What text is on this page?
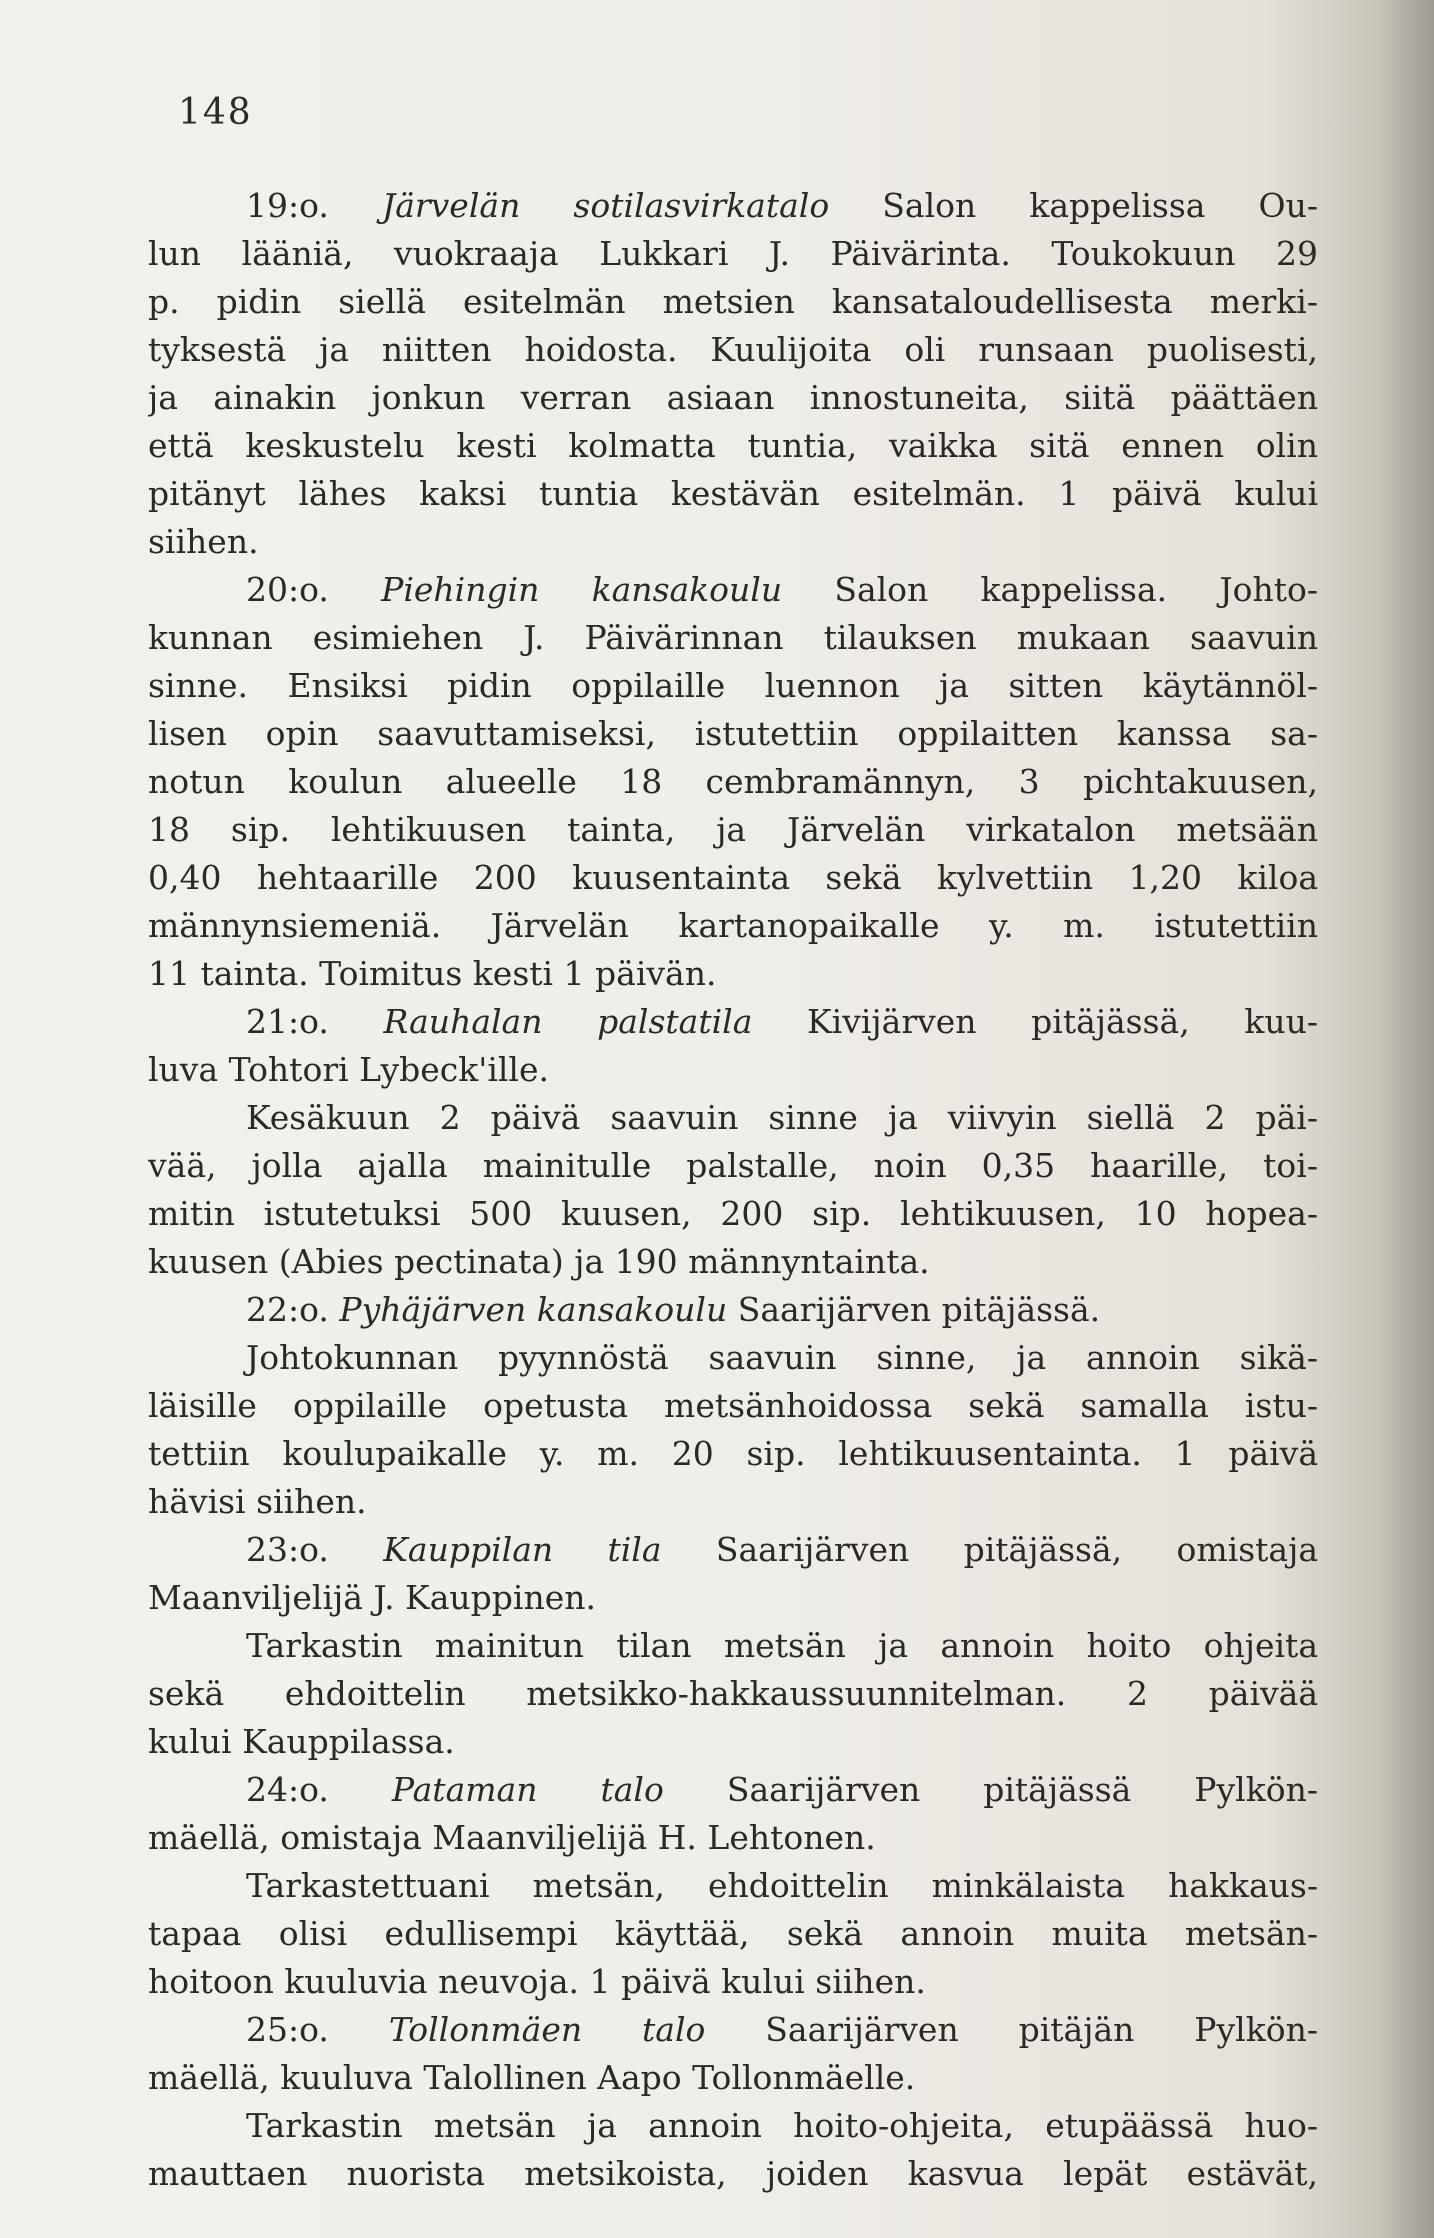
148
19:o. Järvelän sotilasvirkatalo Salon kappelissa Ou-
lun lääniä, vuokraaja Lukkari J. Päivärinta. Toukokuun 29
p. pidin siellä esitelmän metsien kansataloudellisesta merki-
tyksestä ja niitten hoidosta. Kuulijoita oli runsaan puolisesti,
ja ainakin jonkun verran asiaan innostuneita, siitä päättäen
että keskustelu kesti kolmatta tuntia, vaikka sitä ennen olin
pitänyt lähes kaksi tuntia kestävän esitelmän. 1 päivä kului
siihen.
20:o. Piehingin kansakoulu Salon kappelissa. Johto-
kunnan esimiehen J. Päivärinnan tilauksen mukaan saavuin
sinne. Ensiksi pidin oppilaille luennon ja sitten käytännöl-
lisen opin saavuttamiseksi, istutettiin oppilaitten kanssa sa-
notun koulun alueelle 18 cembramännyn, 3 pichtakuusen,
18 sip. lehtikuusen tainta, ja Järvelän virkatalon metsään
0,40 hehtaarille 200 kuusentainta sekä kylvettiin 1,20 kiloa
männynsiemeniä. Järvelän kartanopaikalle y. m. istutettiin
11 tainta. Toimitus kesti 1 päivän.
21:o. Rauhalan palstatila Kivijärven pitäjässä, kuu-
luva Tohtori Lybeck'ille.
Kesäkuun 2 päivä saavuin sinne ja viivyin siellä 2 päi-
vää, jolla ajalla mainitulle palstalle, noin 0,35 haarille, toi-
mitin istutetuksi 500 kuusen, 200 sip. lehtikuusen, 10 hopea-
kuusen (Abies pectinata) ja 190 männyntainta.
22:o. Pyhäjärven kansakoulu Saarijärven pitäjässä.
Johtokunnan pyynnöstä saavuin sinne, ja annoin sikä-
läisille oppilaille opetusta metsänhoidossa sekä samalla istu-
tettiin koulupaikalle y. m. 20 sip. lehtikuusentainta. 1 päivä
hävisi siihen.
23:o. Kauppilan tila Saarijärven pitäjässä, omistaja
Maanviljelijä J. Kauppinen.
Tarkastin mainitun tilan metsän ja annoin hoito ohjeita
sekä ehdoittelin metsikko-hakkaussuunnitelman. 2 päivää
kului Kauppilassa.
24:o. Pataman talo Saarijärven pitäjässä Pylkön-
mäellä, omistaja Maanviljelijä H. Lehtonen.
Tarkastettuani metsän, ehdoittelin minkälaista hakkaus-
tapaa olisi edullisempi käyttää, sekä annoin muita metsän-
hoitoon kuuluvia neuvoja. 1 päivä kului siihen.
25:o. Tollonmäen talo Saarijärven pitäjän Pylkön-
mäellä, kuuluva Talollinen Aapo Tollonmäelle.
Tarkastin metsän ja annoin hoito-ohjeita, etupäässä huo-
mauttaen nuorista metsikoista, joiden kasvua lepät estävät,
